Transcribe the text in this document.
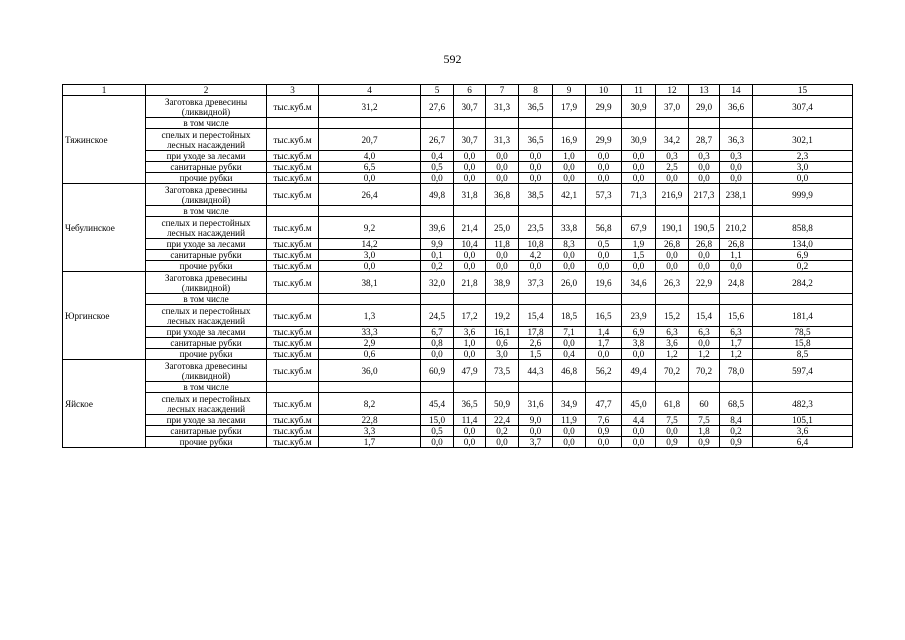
592
1	2	3	4	5	6	7	8	9	10	11	12	13	14	15
Тяжинское	Заготовка древесины (ликвидной)	тыс.куб.м	31,2	27,6	30,7	31,3	36,5	17,9	29,9	30,9	37,0	29,0	36,6	307,4
	в том числе													
	спелых и перестойных лесных насаждений	тыс.куб.м	20,7	26,7	30,7	31,3	36,5	16,9	29,9	30,9	34,2	28,7	36,3	302,1
	при уходе за лесами	тыс.куб.м	4,0	0,4	0,0	0,0	0,0	1,0	0,0	0,0	0,3	0,3	0,3	2,3
	санитарные рубки	тыс.куб.м	6,5	0,5	0,0	0,0	0,0	0,0	0,0	0,0	2,5	0,0	0,0	3,0
	прочие рубки	тыс.куб.м	0,0	0,0	0,0	0,0	0,0	0,0	0,0	0,0	0,0	0,0	0,0	0,0
Чебулинское	Заготовка древесины (ликвидной)	тыс.куб.м	26,4	49,8	31,8	36,8	38,5	42,1	57,3	71,3	216,9	217,3	238,1	999,9
	в том числе													
	спелых и перестойных лесных насаждений	тыс.куб.м	9,2	39,6	21,4	25,0	23,5	33,8	56,8	67,9	190,1	190,5	210,2	858,8
	при уходе за лесами	тыс.куб.м	14,2	9,9	10,4	11,8	10,8	8,3	0,5	1,9	26,8	26,8	26,8	134,0
	санитарные рубки	тыс.куб.м	3,0	0,1	0,0	0,0	4,2	0,0	0,0	1,5	0,0	0,0	1,1	6,9
	прочие рубки	тыс.куб.м	0,0	0,2	0,0	0,0	0,0	0,0	0,0	0,0	0,0	0,0	0,0	0,2
Юргинское	Заготовка древесины (ликвидной)	тыс.куб.м	38,1	32,0	21,8	38,9	37,3	26,0	19,6	34,6	26,3	22,9	24,8	284,2
	в том числе													
	спелых и перестойных лесных насаждений	тыс.куб.м	1,3	24,5	17,2	19,2	15,4	18,5	16,5	23,9	15,2	15,4	15,6	181,4
	при уходе за лесами	тыс.куб.м	33,3	6,7	3,6	16,1	17,8	7,1	1,4	6,9	6,3	6,3	6,3	78,5
	санитарные рубки	тыс.куб.м	2,9	0,8	1,0	0,6	2,6	0,0	1,7	3,8	3,6	0,0	1,7	15,8
	прочие рубки	тыс.куб.м	0,6	0,0	0,0	3,0	1,5	0,4	0,0	0,0	1,2	1,2	1,2	8,5
Яйское	Заготовка древесины (ликвидной)	тыс.куб.м	36,0	60,9	47,9	73,5	44,3	46,8	56,2	49,4	70,2	70,2	78,0	597,4
	в том числе													
	спелых и перестойных лесных насаждений	тыс.куб.м	8,2	45,4	36,5	50,9	31,6	34,9	47,7	45,0	61,8	60	68,5	482,3
	при уходе за лесами	тыс.куб.м	22,8	15,0	11,4	22,4	9,0	11,9	7,6	4,4	7,5	7,5	8,4	105,1
	санитарные рубки	тыс.куб.м	3,3	0,5	0,0	0,2	0,0	0,0	0,9	0,0	0,0	1,8	0,2	3,6
	прочие рубки	тыс.куб.м	1,7	0,0	0,0	0,0	3,7	0,0	0,0	0,0	0,9	0,9	0,9	6,4
